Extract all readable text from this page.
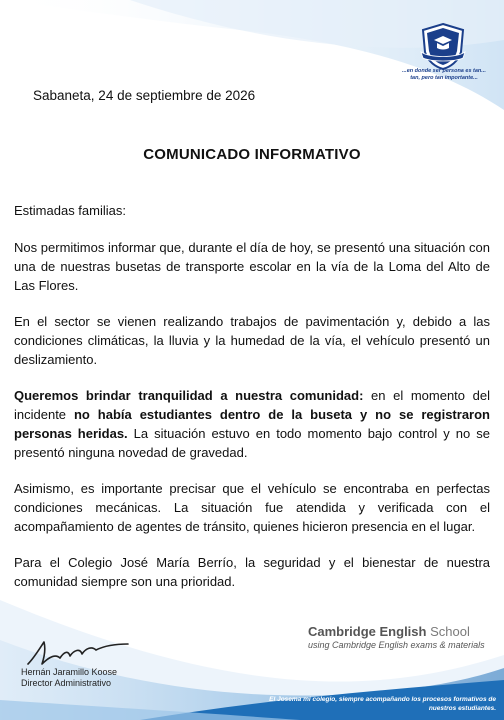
...en donde ser persona es tan...
tan, pero tan importante...
Sabaneta, 24 de septiembre de 2026
COMUNICADO INFORMATIVO

Estimadas familias:

Nos permitimos informar que, durante el día de hoy, se presentó una situación con una de nuestras busetas de transporte escolar en la vía de la Loma del Alto de Las Flores.

En el sector se vienen realizando trabajos de pavimentación y, debido a las condiciones climáticas, la lluvia y la humedad de la vía, el vehículo presentó un deslizamiento.

Queremos brindar tranquilidad a nuestra comunidad: en el momento del incidente no había estudiantes dentro de la buseta y no se registraron personas heridas. La situación estuvo en todo momento bajo control y no se presentó ninguna novedad de gravedad.

Asimismo, es importante precisar que el vehículo se encontraba en perfectas condiciones mecánicas. La situación fue atendida y verificada con el acompañamiento de agentes de tránsito, quienes hicieron presencia en el lugar.

Para el Colegio José María Berrío, la seguridad y el bienestar de nuestra comunidad siempre son una prioridad.

Hernán Jaramillo Koose
Director Administrativo
Cambridge English School
using Cambridge English exams & materials
El Josema mi colegio, siempre acompañando los procesos formativos de
nuestros estudiantes.
